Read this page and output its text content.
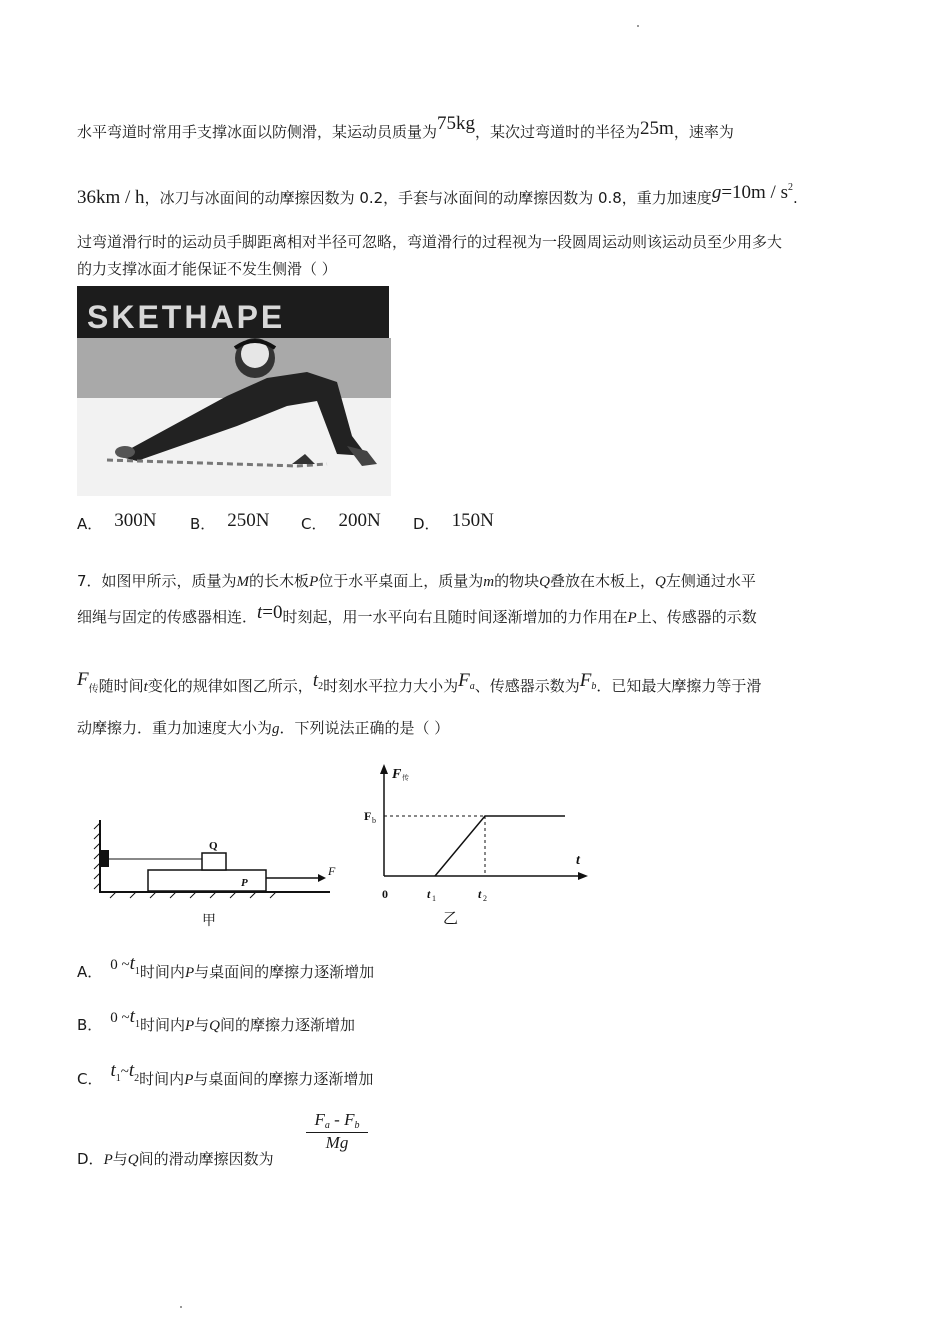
水平弯道时常用手支撑冰面以防侧滑，某运动员质量为75kg，某次过弯道时的半径为25m，速率为
36km / h，冰刀与冰面间的动摩擦因数为 0.2，手套与冰面间的动摩擦因数为 0.8，重力加速度$g=10m / s^2$.
过弯道滑行时的运动员手脚距离相对半径可忽略，弯道滑行的过程视为一段圆周运动则该运动员至少用多大
的力支撑冰面才能保证不发生侧滑（ ）
SKETHAPE
A． 300N B． 250N C． 200N D． 150N
7．如图甲所示，质量为M的长木板P位于水平桌面上，质量为m的物块Q叠放在木板上，Q左侧通过水平
细绳与固定的传感器相连．t=0时刻起，用一水平向右且随时间逐渐增加的力作用在P上、传感器的示数
$F_传$随时间t变化的规律如图乙所示，$t_2$时刻水平拉力大小为$F_a$、传感器示数为$F_b$．已知最大摩擦力等于滑
动摩擦力．重力加速度大小为g．下列说法正确的是（ ）
Q
P
F
甲
F 传
F b
t
0	t 1	t 2
乙
A． 0 $\sim t^1$时间内P与桌面间的摩擦力逐渐增加
B． 0 $\sim t^1$时间内P与Q间的摩擦力逐渐增加
C． $t^1\sim t^2$时间内P与桌面间的摩擦力逐渐增加
D．P与Q间的滑动摩擦因数为
$\frac{F_a - F_b}{Mg}$
